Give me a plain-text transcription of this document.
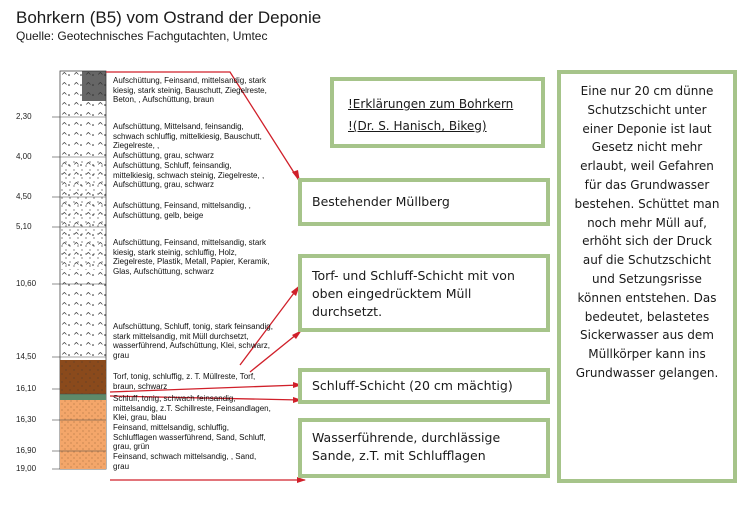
Bohrkern (B5) vom Ostrand der Deponie
Quelle: Geotechnisches Fachgutachten, Umtec
2,30
4,00
4,50
5,10
10,60
14,50
16,10
16,30
16,90
19,00
Aufschüttung, Feinsand, mittelsandig, stark kiesig, stark steinig, Bauschutt, Ziegelreste, Beton, , Aufschüttung, braun
Aufschüttung, Mittelsand, feinsandig, schwach schluffig, mittelkiesig, Bauschutt, Ziegelreste, ,
Aufschüttung, grau, schwarz
Aufschüttung, Schluff, feinsandig, mittelkiesig, schwach steinig, Ziegelreste, , Aufschüttung, grau, schwarz
Aufschüttung, Feinsand, mittelsandig, , Aufschüttung, gelb, beige
Aufschüttung, Feinsand, mittelsandig, stark kiesig, stark steinig, schluffig, Holz, Ziegelreste, Plastik, Metall, Papier, Keramik, Glas, Aufschüttung, schwarz
Aufschüttung, Schluff, tonig, stark feinsandig, stark mittelsandig, mit Müll durchsetzt, wasserführend, Aufschüttung, Klei, schwarz, grau
Torf, tonig, schluffig, z. T. Müllreste, Torf, braun, schwarz
Schluff, tonig, schwach feinsandig, mittelsandig, z.T. Schillreste, Feinsandlagen, Klei, grau, blau
Feinsand, mittelsandig, schluffig, Schlufflagen wasserführend, Sand, Schluff, grau, grün
Feinsand, schwach mittelsandig, , Sand, grau
!Erklärungen zum Bohrkern
!(Dr. S. Hanisch, Bikeg)
Bestehender Müllberg
Torf- und Schluff-Schicht mit von oben eingedrücktem Müll durchsetzt.
Schluff-Schicht (20 cm mächtig)
Wasserführende, durchlässige Sande, z.T. mit Schlufflagen
Eine nur 20 cm dünne Schutzschicht unter einer Deponie ist laut Gesetz nicht mehr erlaubt, weil Gefahren für das Grundwasser bestehen. Schüttet man noch mehr Müll auf, erhöht sich der Druck auf die Schutzschicht und Setzungsrisse können entstehen. Das bedeutet, belastetes Sickerwasser aus dem Müllkörper kann ins Grundwasser gelangen.
